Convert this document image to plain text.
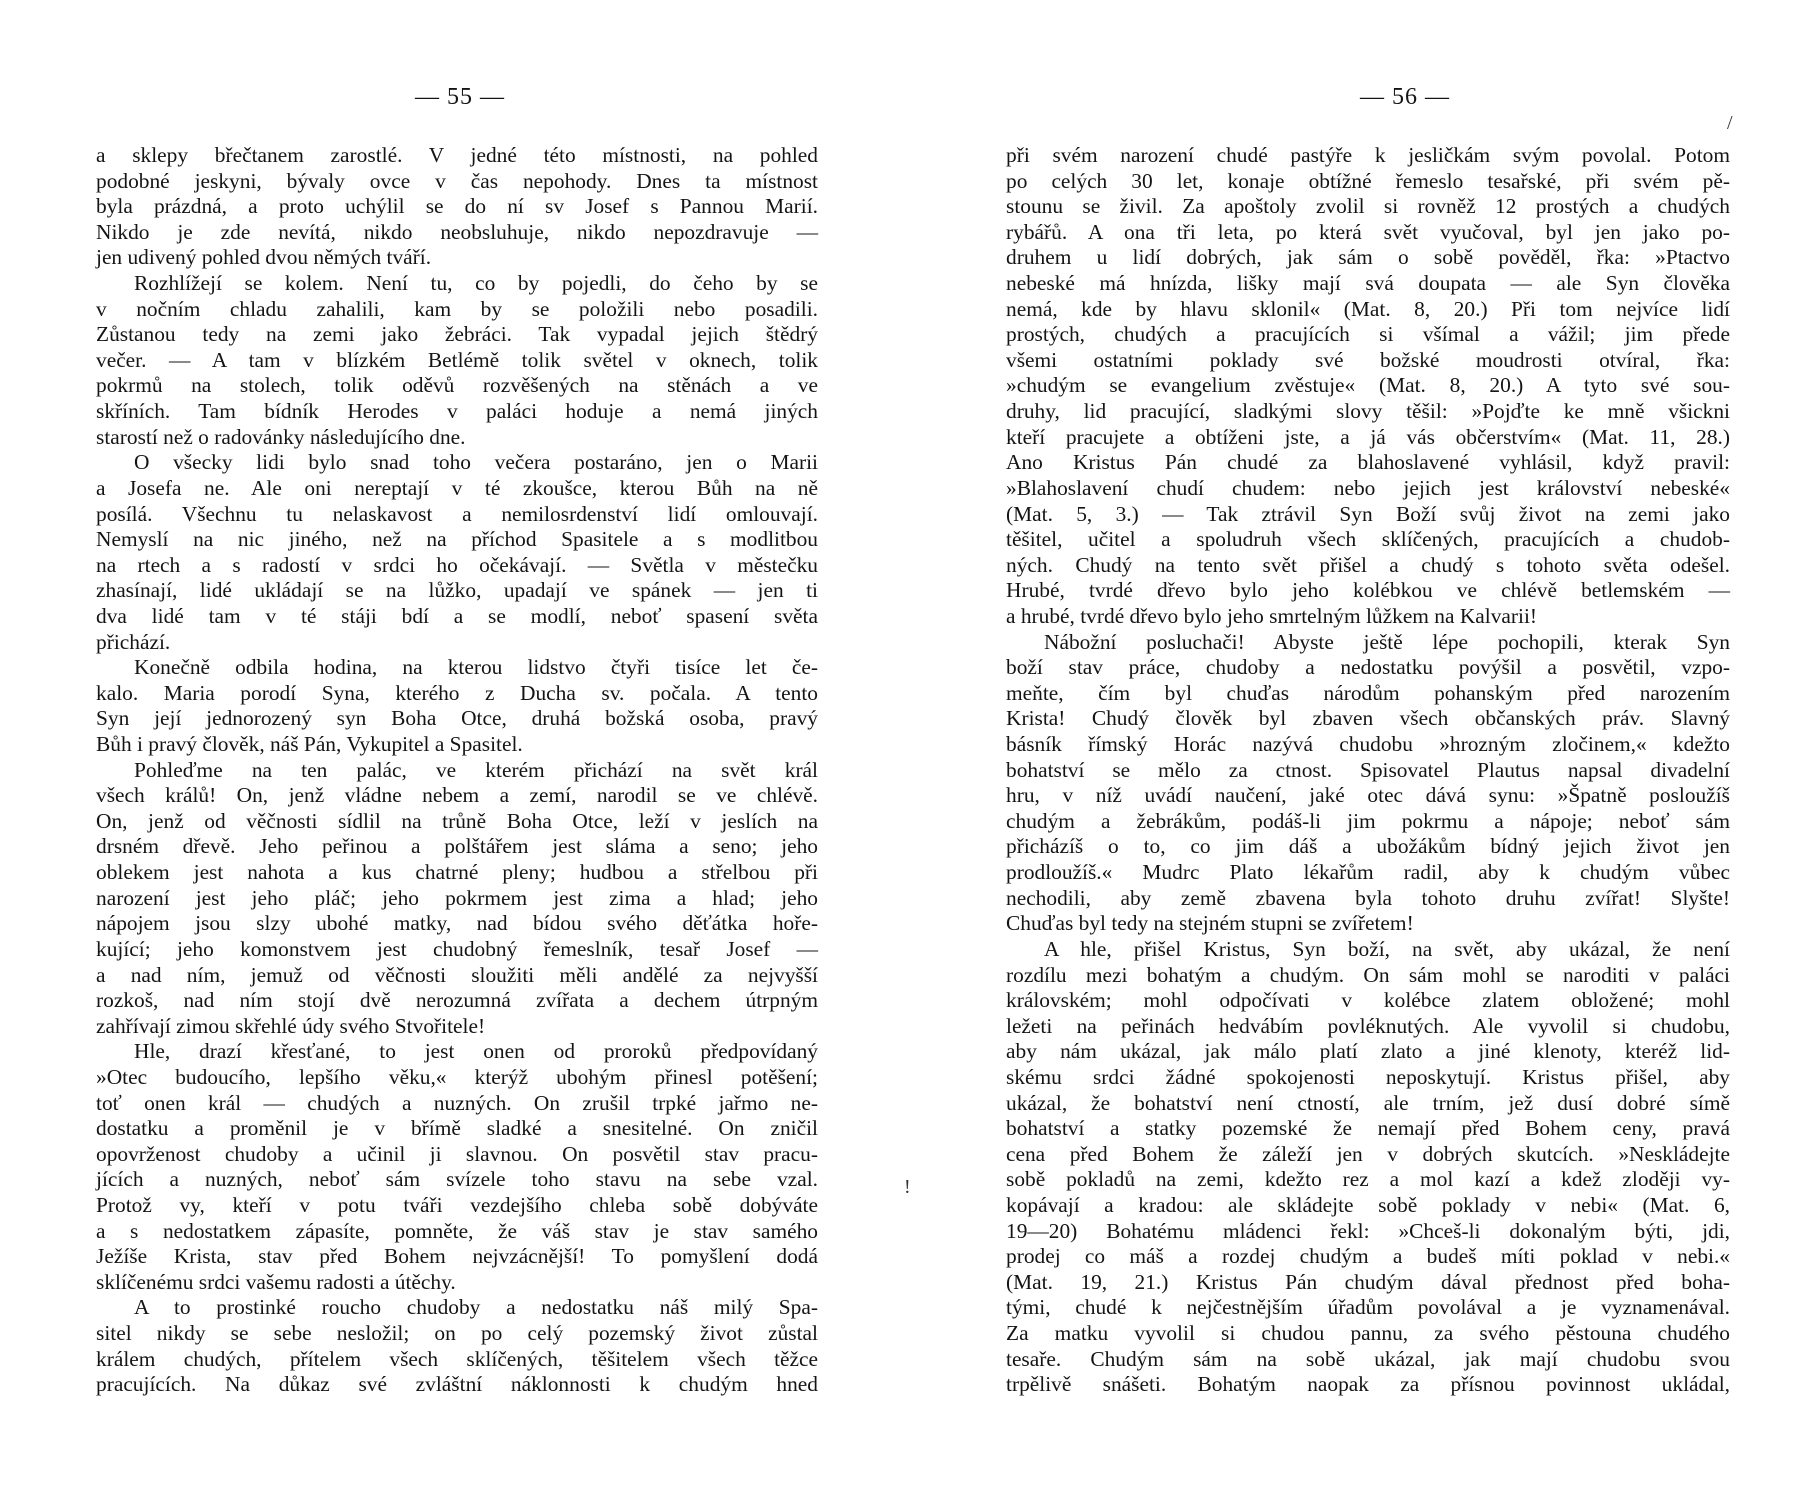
— 55 —
a sklepy břečtanem zarostlé. V jedné této místnosti, na pohled
podobné jeskyni, bývaly ovce v čas nepohody. Dnes ta místnost
byla prázdná, a proto uchýlil se do ní sv Josef s Pannou Marií.
Nikdo je zde nevítá, nikdo neobsluhuje, nikdo nepozdravuje —
jen udivený pohled dvou němých tváří.
Rozhlížejí se kolem. Není tu, co by pojedli, do čeho by se
v nočním chladu zahalili, kam by se položili nebo posadili.
Zůstanou tedy na zemi jako žebráci. Tak vypadal jejich štědrý
večer. — A tam v blízkém Betlémě tolik světel v oknech, tolik
pokrmů na stolech, tolik oděvů rozvěšených na stěnách a ve
skříních. Tam bídník Herodes v paláci hoduje a nemá jiných
starostí než o radovánky následujícího dne.
O všecky lidi bylo snad toho večera postaráno, jen o Marii
a Josefa ne. Ale oni nereptají v té zkoušce, kterou Bůh na ně
posílá. Všechnu tu nelaskavost a nemilosrdenství lidí omlouvají.
Nemyslí na nic jiného, než na příchod Spasitele a s modlitbou
na rtech a s radostí v srdci ho očekávají. — Světla v městečku
zhasínají, lidé ukládají se na lůžko, upadají ve spánek — jen ti
dva lidé tam v té stáji bdí a se modlí, neboť spasení světa
přichází.
Konečně odbila hodina, na kterou lidstvo čtyři tisíce let če-
kalo. Maria porodí Syna, kterého z Ducha sv. počala. A tento
Syn její jednorozený syn Boha Otce, druhá božská osoba, pravý
Bůh i pravý člověk, náš Pán, Vykupitel a Spasitel.
Pohleďme na ten palác, ve kterém přichází na svět král
všech králů! On, jenž vládne nebem a zemí, narodil se ve chlévě.
On, jenž od věčnosti sídlil na trůně Boha Otce, leží v jeslích na
drsném dřevě. Jeho peřinou a polštářem jest sláma a seno; jeho
oblekem jest nahota a kus chatrné pleny; hudbou a střelbou při
narození jest jeho pláč; jeho pokrmem jest zima a hlad; jeho
nápojem jsou slzy ubohé matky, nad bídou svého děťátka hoře-
kující; jeho komonstvem jest chudobný řemeslník, tesař Josef —
a nad ním, jemuž od věčnosti sloužiti měli andělé za nejvyšší
rozkoš, nad ním stojí dvě nerozumná zvířata a dechem útrpným
zahřívají zimou skřehlé údy svého Stvořitele!
Hle, drazí křesťané, to jest onen od proroků předpovídaný
»Otec budoucího, lepšího věku,« kterýž ubohým přinesl potěšení;
toť onen král — chudých a nuzných. On zrušil trpké jařmo ne-
dostatku a proměnil je v břímě sladké a snesitelné. On zničil
opovrženost chudoby a učinil ji slavnou. On posvětil stav pracu-
jících a nuzných, neboť sám svízele toho stavu na sebe vzal.
Protož vy, kteří v potu tváři vezdejšího chleba sobě dobýváte
a s nedostatkem zápasíte, pomněte, že váš stav je stav samého
Ježíše Krista, stav před Bohem nejvzácnější! To pomyšlení dodá
sklíčenému srdci vašemu radosti a útěchy.
A to prostinké roucho chudoby a nedostatku náš milý Spa-
sitel nikdy se sebe nesložil; on po celý pozemský život zůstal
králem chudých, přítelem všech sklíčených, těšitelem všech těžce
pracujících. Na důkaz své zvláštní náklonnosti k chudým hned
— 56 —
při svém narození chudé pastýře k jesličkám svým povolal. Potom
po celých 30 let, konaje obtížné řemeslo tesařské, při svém pě-
stounu se živil. Za apoštoly zvolil si rovněž 12 prostých a chudých
rybářů. A ona tři leta, po která svět vyučoval, byl jen jako po-
druhem u lidí dobrých, jak sám o sobě pověděl, řka: »Ptactvo
nebeské má hnízda, lišky mají svá doupata — ale Syn člověka
nemá, kde by hlavu sklonil« (Mat. 8, 20.) Při tom nejvíce lidí
prostých, chudých a pracujících si všímal a vážil; jim přede
všemi ostatními poklady své božské moudrosti otvíral, řka:
»chudým se evangelium zvěstuje« (Mat. 8, 20.) A tyto své sou-
druhy, lid pracující, sladkými slovy těšil: »Pojďte ke mně všickni
kteří pracujete a obtíženi jste, a já vás občerstvím« (Mat. 11, 28.)
Ano Kristus Pán chudé za blahoslavené vyhlásil, když pravil:
»Blahoslavení chudí chudem: nebo jejich jest království nebeské«
(Mat. 5, 3.) — Tak ztrávil Syn Boží svůj život na zemi jako
těšitel, učitel a spoludruh všech sklíčených, pracujících a chudob-
ných. Chudý na tento svět přišel a chudý s tohoto světa odešel.
Hrubé, tvrdé dřevo bylo jeho kolébkou ve chlévě betlemském —
a hrubé, tvrdé dřevo bylo jeho smrtelným lůžkem na Kalvarii!
Nábožní posluchači! Abyste ještě lépe pochopili, kterak Syn
boží stav práce, chudoby a nedostatku povýšil a posvětil, vzpo-
meňte, čím byl chuďas národům pohanským před narozením
Krista! Chudý člověk byl zbaven všech občanských práv. Slavný
básník římský Horác nazývá chudobu »hrozným zločinem,« kdežto
bohatství se mělo za ctnost. Spisovatel Plautus napsal divadelní
hru, v níž uvádí naučení, jaké otec dává synu: »Špatně posloužíš
chudým a žebrákům, podáš-li jim pokrmu a nápoje; neboť sám
přicházíš o to, co jim dáš a ubožákům bídný jejich život jen
prodloužíš.« Mudrc Plato lékařům radil, aby k chudým vůbec
nechodili, aby země zbavena byla tohoto druhu zvířat! Slyšte!
Chuďas byl tedy na stejném stupni se zvířetem!
A hle, přišel Kristus, Syn boží, na svět, aby ukázal, že není
rozdílu mezi bohatým a chudým. On sám mohl se naroditi v paláci
královském; mohl odpočívati v kolébce zlatem obložené; mohl
ležeti na peřinách hedvábím povléknutých. Ale vyvolil si chudobu,
aby nám ukázal, jak málo platí zlato a jiné klenoty, kteréž lid-
skému srdci žádné spokojenosti neposkytují. Kristus přišel, aby
ukázal, že bohatství není ctností, ale trním, jež dusí dobré símě
bohatství a statky pozemské že nemají před Bohem ceny, pravá
cena před Bohem že záleží jen v dobrých skutcích. »Neskládejte
sobě pokladů na zemi, kdežto rez a mol kazí a kdež zloději vy-
kopávají a kradou: ale skládejte sobě poklady v nebi« (Mat. 6,
19—20) Bohatému mládenci řekl: »Chceš-li dokonalým býti, jdi,
prodej co máš a rozdej chudým a budeš míti poklad v nebi.«
(Mat. 19, 21.) Kristus Pán chudým dával přednost před boha-
tými, chudé k nejčestnějším úřadům povolával a je vyznamenával.
Za matku vyvolil si chudou pannu, za svého pěstouna chudého
tesaře. Chudým sám na sobě ukázal, jak mají chudobu svou
trpělivě snášeti. Bohatým naopak za přísnou povinnost ukládal,
/
!
